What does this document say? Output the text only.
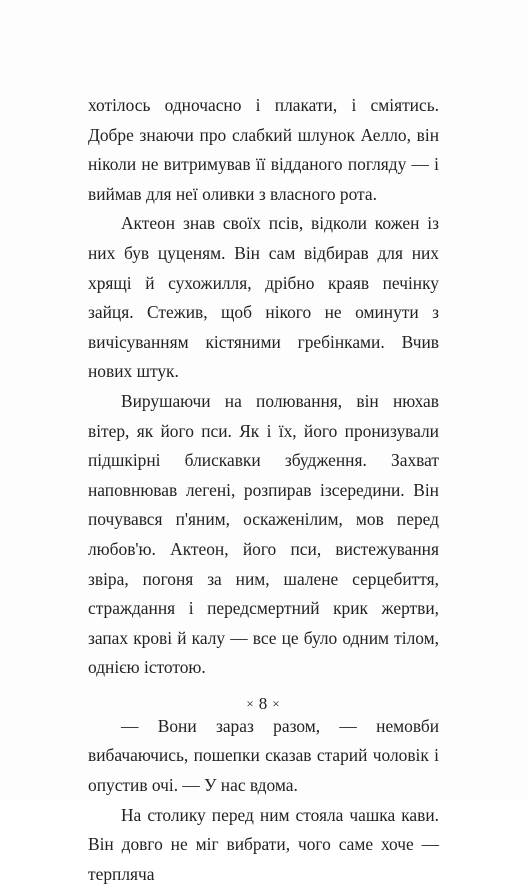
хотілось одночасно і плакати, і сміятись. Добре знаючи про слабкий шлунок Аелло, він ніколи не витримував її відданого погляду — і виймав для неї оливки з власного рота.

Актеон знав своїх псів, відколи кожен із них був цуценям. Він сам відбирав для них хрящі й сухожилля, дрібно краяв печінку зайця. Стежив, щоб нікого не оминути з вичісуванням кістяними гребінками. Вчив нових штук.

Вирушаючи на полювання, він нюхав вітер, як його пси. Як і їх, його пронизували підшкірні блискавки збудження. Захват наповнював легені, розпирав ізсередини. Він почувався п'яним, оскаженілим, мов перед любов'ю. Актеон, його пси, вистежування звіра, погоня за ним, шалене серцебиття, страждання і передсмертний крик жертви, запах крові й калу — все це було одним тілом, однією істотою.

— Вони зараз разом, — немовби вибачаючись, пошепки сказав старий чоловік і опустив очі. — У нас вдома.

На столику перед ним стояла чашка кави. Він довго не міг вибрати, чого саме хоче — терпляча

× 8 ×
